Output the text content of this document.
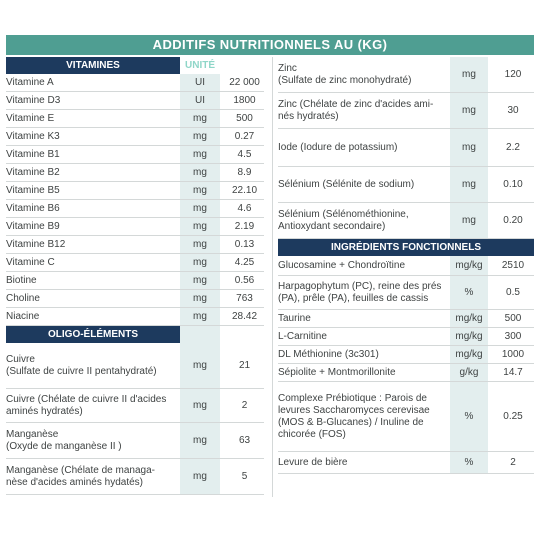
ADDITIFS NUTRITIONNELS AU (KG)
VITAMINES	UNITÉ
Vitamine A	UI	22 000
Vitamine D3	UI	1800
Vitamine E	mg	500
Vitamine K3	mg	0.27
Vitamine B1	mg	4.5
Vitamine B2	mg	8.9
Vitamine B5	mg	22.10
Vitamine B6	mg	4.6
Vitamine B9	mg	2.19
Vitamine B12	mg	0.13
Vitamine C	mg	4.25
Biotine	mg	0.56
Choline	mg	763
Niacine	mg	28.42
OLIGO-ÉLÉMENTS
Cuivre
(Sulfate de cuivre II pentahydraté)	mg	21
Cuivre (Chélate de cuivre II d'acides
aminés hydratés)	mg	2
Manganèse
(Oxyde de manganèse II )	mg	63
Manganèse (Chélate de managa-
nèse d'acides aminés hydatés)	mg	5
Zinc
(Sulfate de zinc monohydraté)	mg	120
Zinc (Chélate de zinc d'acides ami-
nés hydratés)	mg	30
Iode (Iodure de potassium)	mg	2.2
Sélénium (Sélénite de sodium)	mg	0.10
Sélénium (Sélénométhionine,
Antioxydant secondaire)	mg	0.20
INGRÉDIENTS FONCTIONNELS
Glucosamine + Chondroïtine	mg/kg	2510
Harpagophytum (PC), reine des prés
(PA), prêle (PA), feuilles de cassis	%	0.5
Taurine	mg/kg	500
L-Carnitine	mg/kg	300
DL Méthionine (3c301)	mg/kg	1000
Sépiolite + Montmorillonite	g/kg	14.7
Complexe Prébiotique : Parois de
levures Saccharomyces cerevisae
(MOS & B-Glucanes) / Inuline de
chicorée (FOS)
%	0.25
Levure de bière	%	2
